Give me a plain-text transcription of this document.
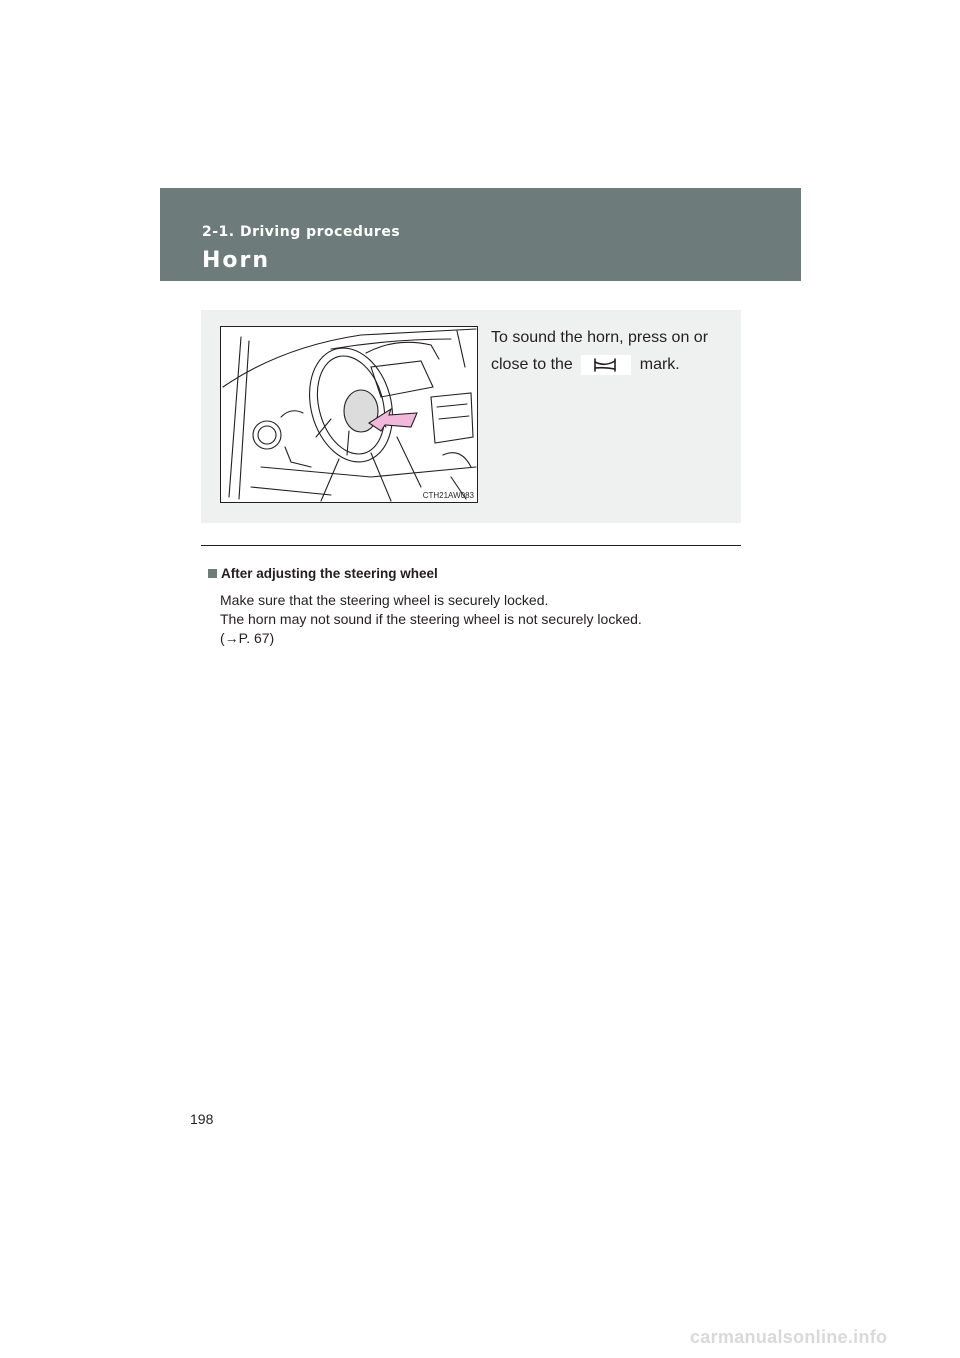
2-1. Driving procedures
Horn
CTH21AW083
To sound the horn, press on or close to the	mark.
After adjusting the steering wheel
Make sure that the steering wheel is securely locked.
The horn may not sound if the steering wheel is not securely locked.
(→P. 67)
198
carmanualsonline.info
